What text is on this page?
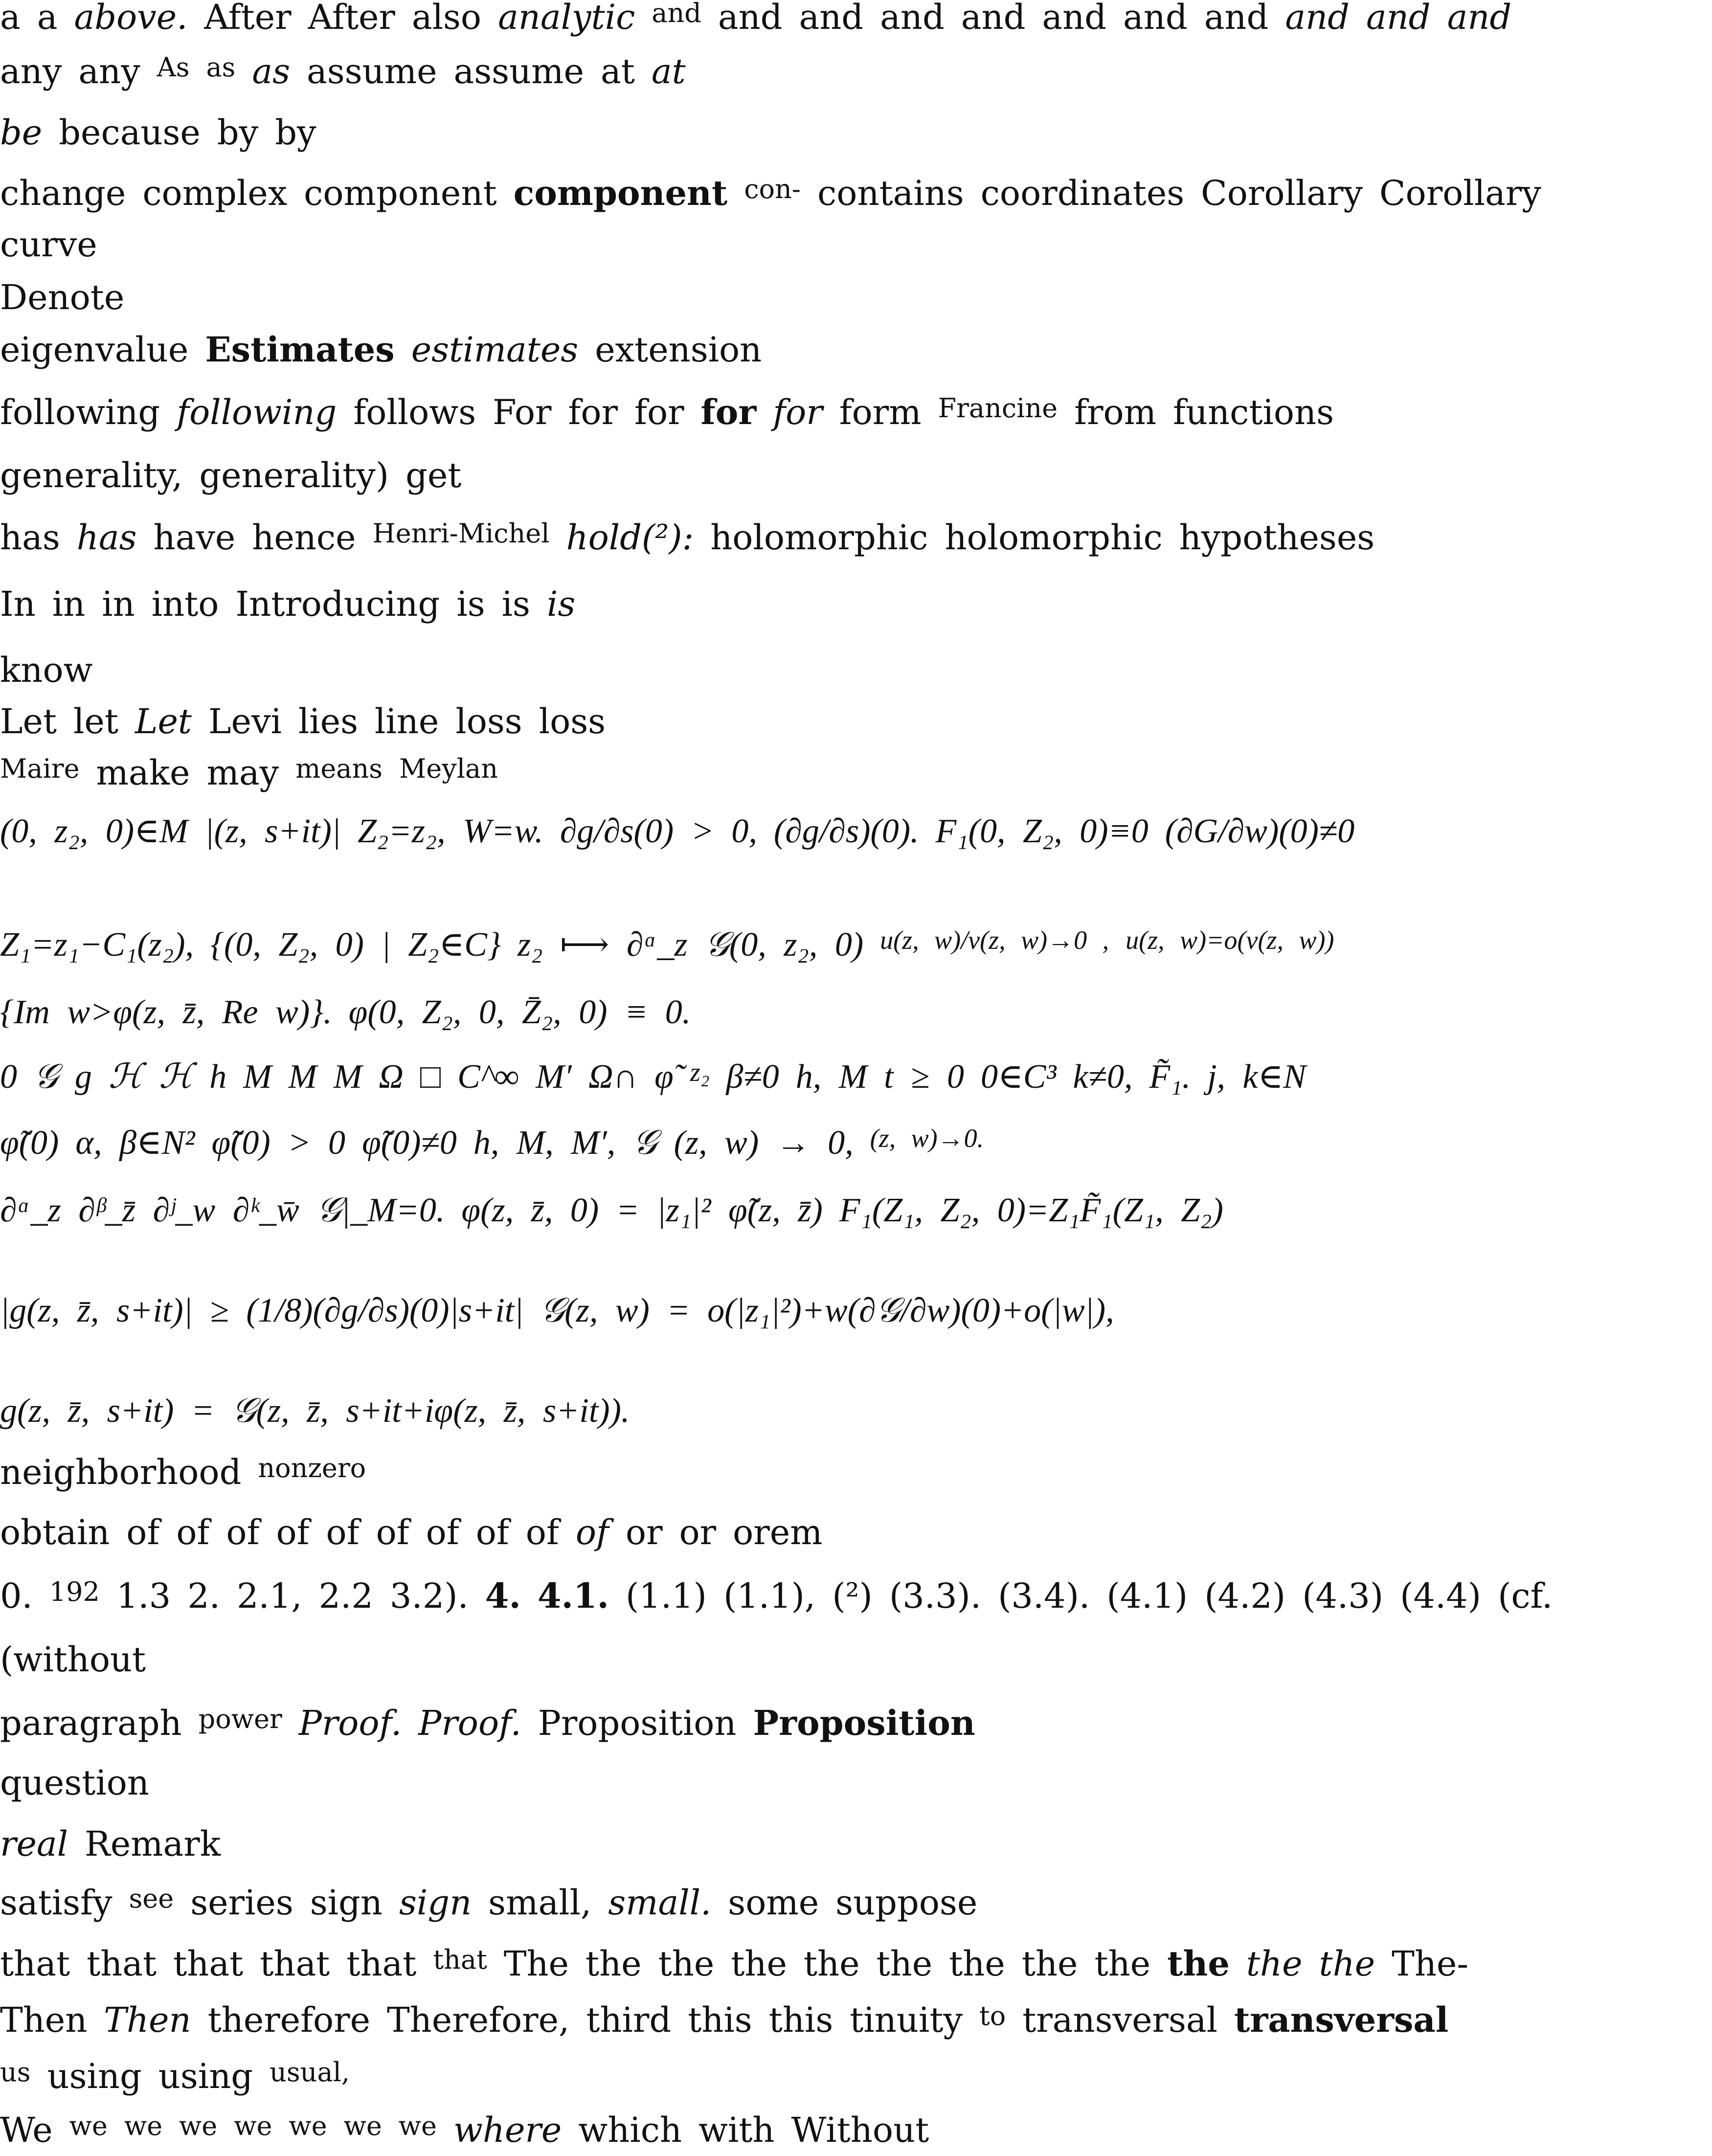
a a above. After After also analytic $^{and}$ and and and and and and and and and and
any any $^{As}$ $^{as}$ as assume assume at at
be because by by
change complex component component $^{con-}$ contains coordinates Corollary Corollary
curve
Denote
eigenvalue Estimates estimates extension
following following follows For for for for for form $^{Francine}$ from functions
generality, generality) get
has has have hence $^{Henri-Michel}$ hold(²): holomorphic holomorphic hypotheses
In in in into Introducing is is is
know
Let let Let Levi lies line loss loss
$^{Maire}$ make may $^{means}$ $^{Meylan}$
(0, z₂, 0)∈M |(z, s+it)| Z₂=z₂, W=w. ∂g/∂s(0) > 0, (∂g/∂s)(0). F₁(0, Z₂, 0)≡0 (∂G/∂w)(0)≠0
Z₁=z₁−C₁(z₂), {(0, Z₂, 0) | Z₂∈C} z₂ ⟼ ∂ᵅ_z 𝒢(0, z₂, 0) $^{u(z, w)/v(z, w)\to 0 ,}$ $^{u(z, w)=o(v(z, w))}$
{Im w>φ(z, z̄, Re w)}. φ(0, Z₂, 0, Z̄₂, 0) ≡ 0.
0 𝒢 g ℋ ℋ h M M M Ω □ C^∞ M′ Ω∩ φ̃ $^{z_2}$ β≠0 h, M t ≥ 0 0∈C³ k≠0, F̃₁. j, k∈N
φ̃(0) α, β∈N² φ̃(0) > 0 φ̃(0)≠0 h, M, M′, 𝒢 (z, w) → 0, $^{(z, w)\to 0.}$
∂ᵅ_z ∂ᵝ_z̄ ∂ʲ_w ∂ᵏ_w̄ 𝒢|_M=0. φ(z, z̄, 0) = |z₁|² φ̃(z, z̄) F₁(Z₁, Z₂, 0)=Z₁F̃₁(Z₁, Z₂)
|g(z, z̄, s+it)| ≥ (1/8)(∂g/∂s)(0)|s+it| 𝒢(z, w) = o(|z₁|²)+w(∂𝒢/∂w)(0)+o(|w|),
g(z, z̄, s+it) = 𝒢(z, z̄, s+it+iφ(z, z̄, s+it)).
neighborhood $^{nonzero}$
obtain of of of of of of of of of of or or orem
0. $^{192}$ 1.3 2. 2.1, 2.2 3.2). 4. 4.1. (1.1) (1.1), (²) (3.3). (3.4). (4.1) (4.2) (4.3) (4.4) (cf.
(without
paragraph $^{power}$ Proof. Proof. Proposition Proposition
question
real Remark
satisfy $^{see}$ series sign sign small, small. some suppose
that that that that that $^{that}$ The the the the the the the the the the the the The-
Then Then therefore Therefore, third this this tinuity $^{to}$ transversal transversal
$^{us}$ using using $^{usual,}$
We $^{we}$ $^{we}$ $^{we}$ $^{we}$ $^{we}$ $^{we}$ $^{we}$ where which with Without
